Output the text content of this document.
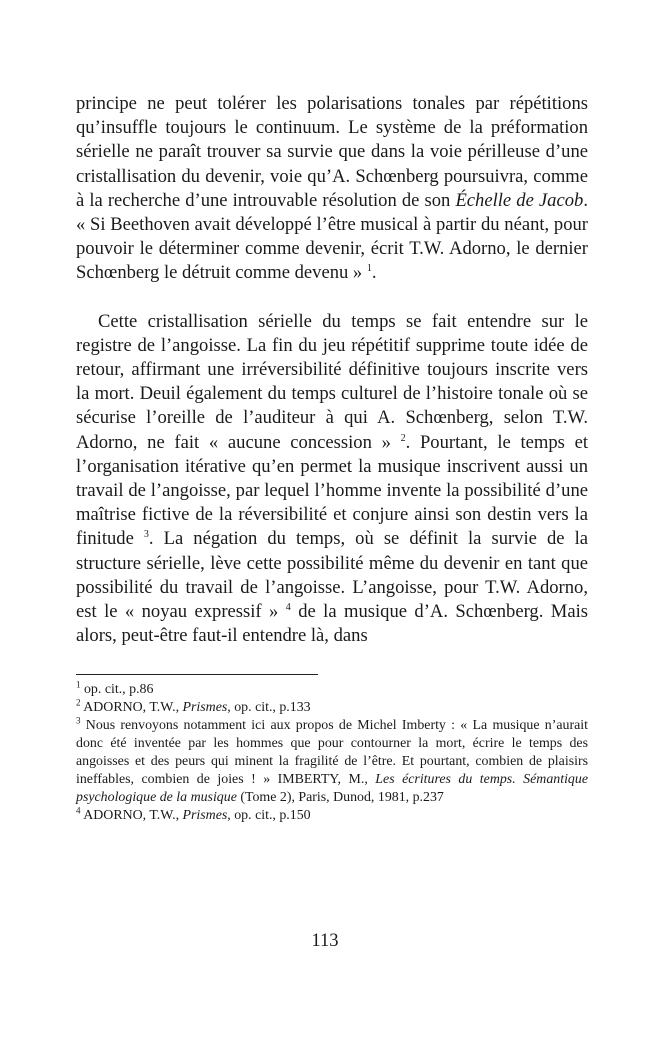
principe ne peut tolérer les polarisations tonales par répétitions qu’insuffle toujours le continuum. Le système de la préformation sérielle ne paraît trouver sa survie que dans la voie périlleuse d’une cristallisation du devenir, voie qu’A. Schœnberg poursuivra, comme à la recherche d’une introuvable résolution de son Échelle de Jacob. « Si Beethoven avait développé l’être musical à partir du néant, pour pouvoir le déterminer comme devenir, écrit T.W. Adorno, le dernier Schœnberg le détruit comme devenu » $^1$.

Cette cristallisation sérielle du temps se fait entendre sur le registre de l’angoisse. La fin du jeu répétitif supprime toute idée de retour, affirmant une irréversibilité définitive toujours inscrite vers la mort. Deuil également du temps culturel de l’histoire tonale où se sécurise l’oreille de l’auditeur à qui A. Schœnberg, selon T.W. Adorno, ne fait « aucune concession » $^2$. Pourtant, le temps et l’organisation itérative qu’en permet la musique inscrivent aussi un travail de l’angoisse, par lequel l’homme invente la possibilité d’une maîtrise fictive de la réversibilité et conjure ainsi son destin vers la finitude $^3$. La négation du temps, où se définit la survie de la structure sérielle, lève cette possibilité même du devenir en tant que possibilité du travail de l’angoisse. L’angoisse, pour T.W. Adorno, est le « noyau expressif » $^4$ de la musique d’A. Schœnberg. Mais alors, peut-être faut-il entendre là, dans

$^1$ op. cit., p.86

$^2$ ADORNO, T.W., Prismes, op. cit., p.133

$^3$ Nous renvoyons notamment ici aux propos de Michel Imberty : « La musique n’aurait donc été inventée par les hommes que pour contourner la mort, écrire le temps des angoisses et des peurs qui minent la fragilité de l’être. Et pourtant, combien de plaisirs ineffables, combien de joies ! » IMBERTY, M., Les écritures du temps. Sémantique psychologique de la musique (Tome 2), Paris, Dunod, 1981, p.237

$^4$ ADORNO, T.W., Prismes, op. cit., p.150

113
